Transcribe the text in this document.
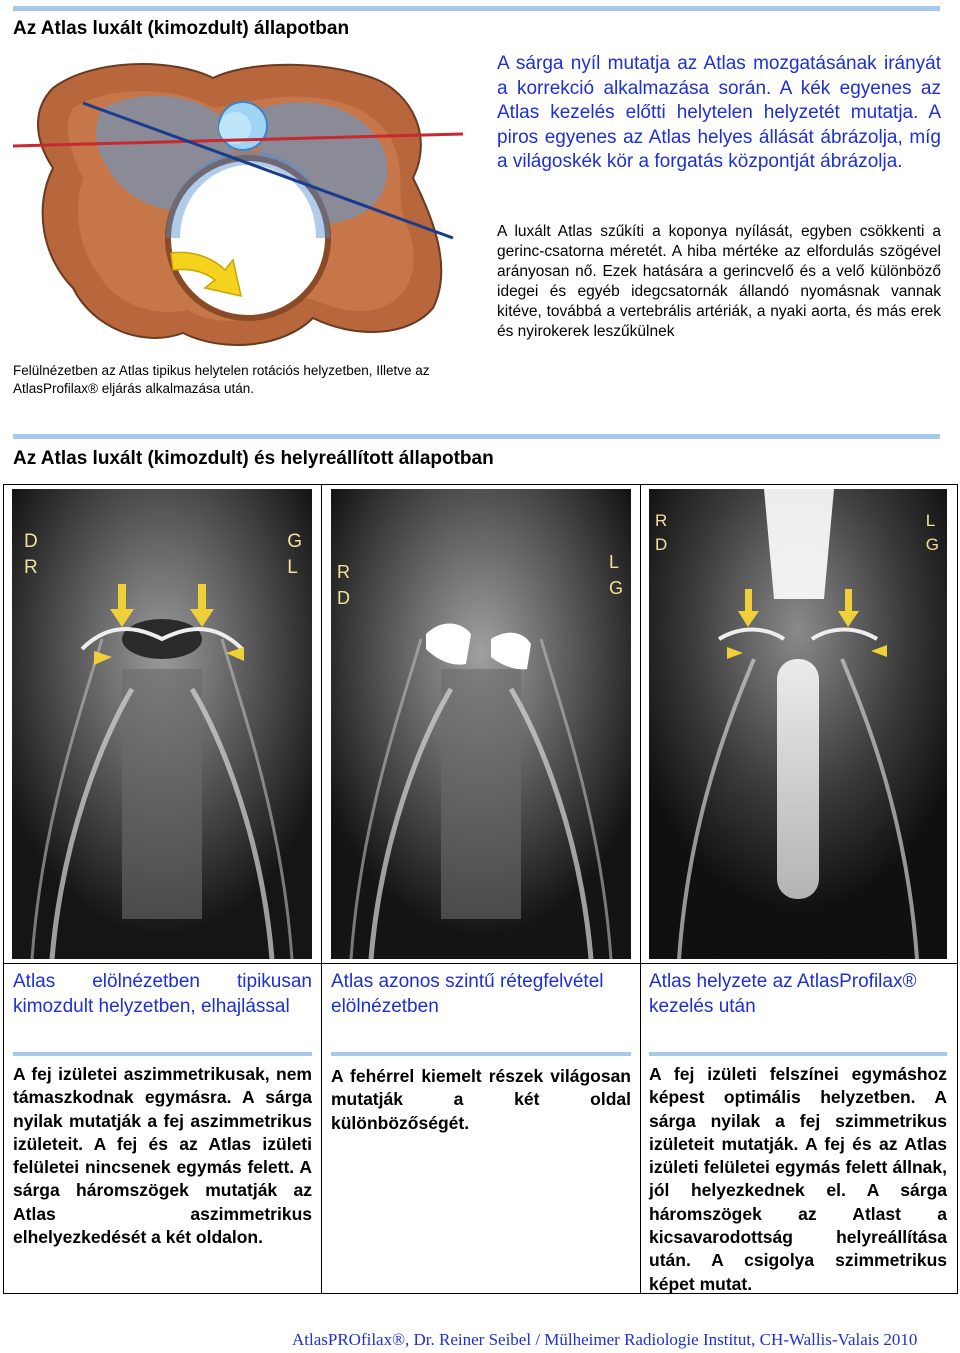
Az Atlas luxált (kimozdult) állapotban
Felülnézetben az Atlas tipikus helytelen rotációs helyzetben, Illetve az AtlasProfilax® eljárás alkalmazása után.
A sárga nyíl mutatja az Atlas mozgatásának irányát a korrekció alkalmazása során. A kék egyenes az Atlas kezelés előtti helytelen helyzetét mutatja. A piros egyenes az Atlas helyes állását ábrázolja, míg a világoskék kör a forgatás központját ábrázolja.
A luxált Atlas szűkíti a koponya nyílását, egyben csökkenti a gerinc-csatorna méretét. A hiba mértéke az elfordulás szögével arányosan nő. Ezek hatására a gerincvelő és a velő különböző idegei és egyéb idegcsatornák állandó nyomásnak vannak kitéve, továbbá a vertebrális artériák, a nyaki aorta, és más erek és nyirokerek leszűkülnek
Az Atlas luxált (kimozdult) és helyreállított állapotban
D
R
G
L R
D
L
G
R
D
L
G
Atlas elölnézetben tipikusan kimozdult helyzetben, elhajlással
Atlas azonos szintű rétegfelvétel elölnézetben
Atlas helyzete az AtlasProfilax® kezelés után
A fej izületei aszimmetrikusak, nem támaszkodnak egymásra. A sárga nyilak mutatják a fej aszimmetrikus izületeit. A fej és az Atlas izületi felületei nincsenek egymás felett. A sárga háromszögek mutatják az Atlas aszimmetrikus elhelyezkedését a két oldalon.
A fehérrel kiemelt részek világosan mutatják a két oldal különbözőségét.
A fej izületi felszínei egymáshoz képest optimális helyzetben. A sárga nyilak a fej szimmetrikus izületeit mutatják. A fej és az Atlas izületi felületei egymás felett állnak, jól helyezkednek el. A sárga háromszögek az Atlast a kicsavarodottság helyreállítása után. A csigolya szimmetrikus képet mutat.
AtlasPROfilax®, Dr. Reiner Seibel / Mülheimer Radiologie Institut, CH-Wallis-Valais 2010
